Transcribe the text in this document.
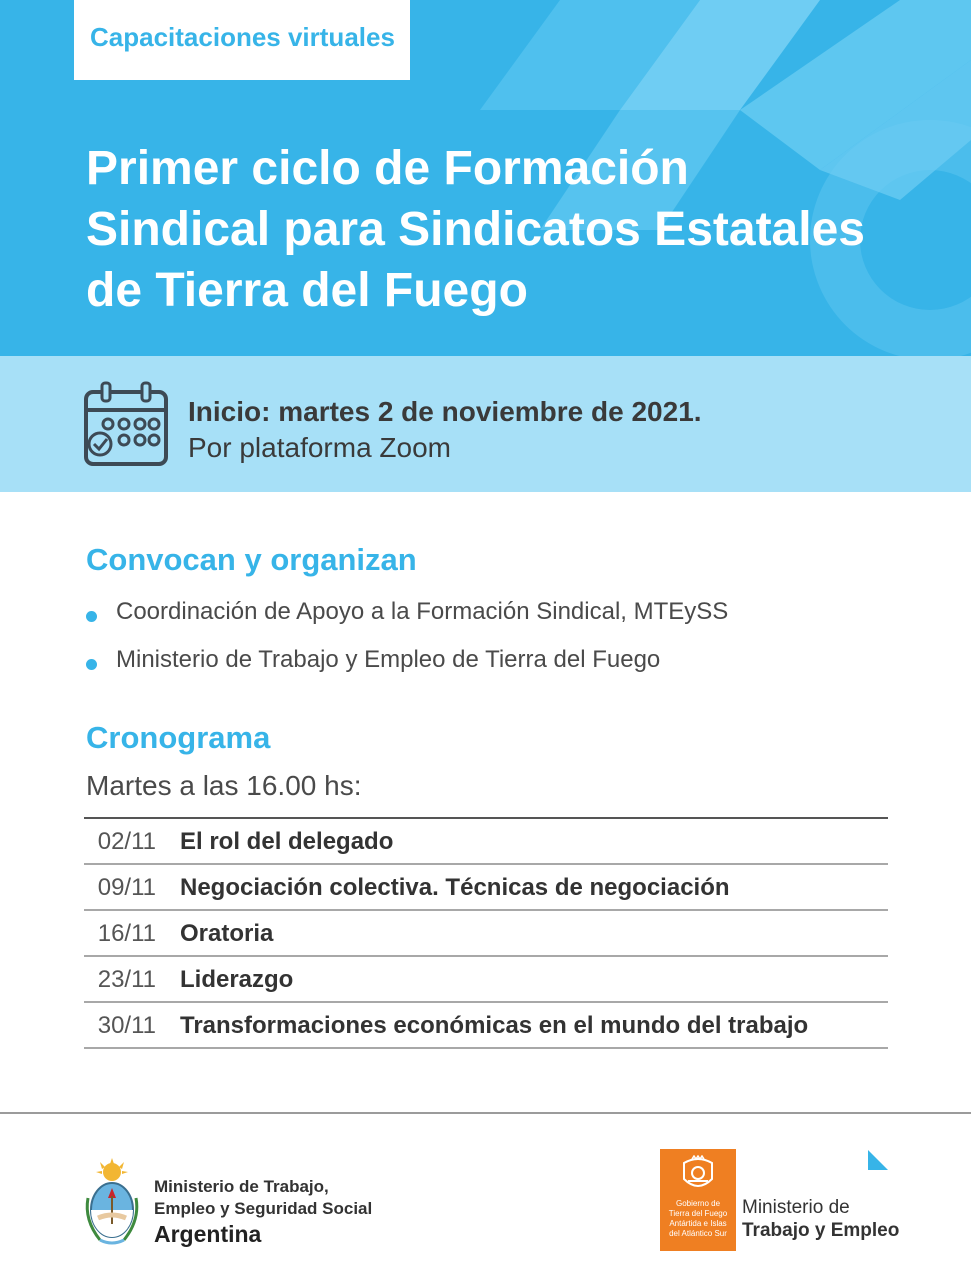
Capacitaciones virtuales
Primer ciclo de Formación
Sindical para Sindicatos Estatales
de Tierra del Fuego
Inicio: martes 2 de noviembre de 2021.
Por plataforma Zoom
Convocan y organizan
Coordinación de Apoyo a la Formación Sindical, MTEySS
Ministerio de Trabajo y Empleo de Tierra del Fuego
Cronograma
Martes a las 16.00 hs:
02/11 El rol del delegado
09/11 Negociación colectiva. Técnicas de negociación
16/11 Oratoria
23/11 Liderazgo
30/11 Transformaciones económicas en el mundo del trabajo
Ministerio de Trabajo,
Empleo y Seguridad Social
Argentina
Gobierno de
Tierra del Fuego
Antártida e Islas
del Atlántico Sur
Ministerio de
Trabajo y Empleo
